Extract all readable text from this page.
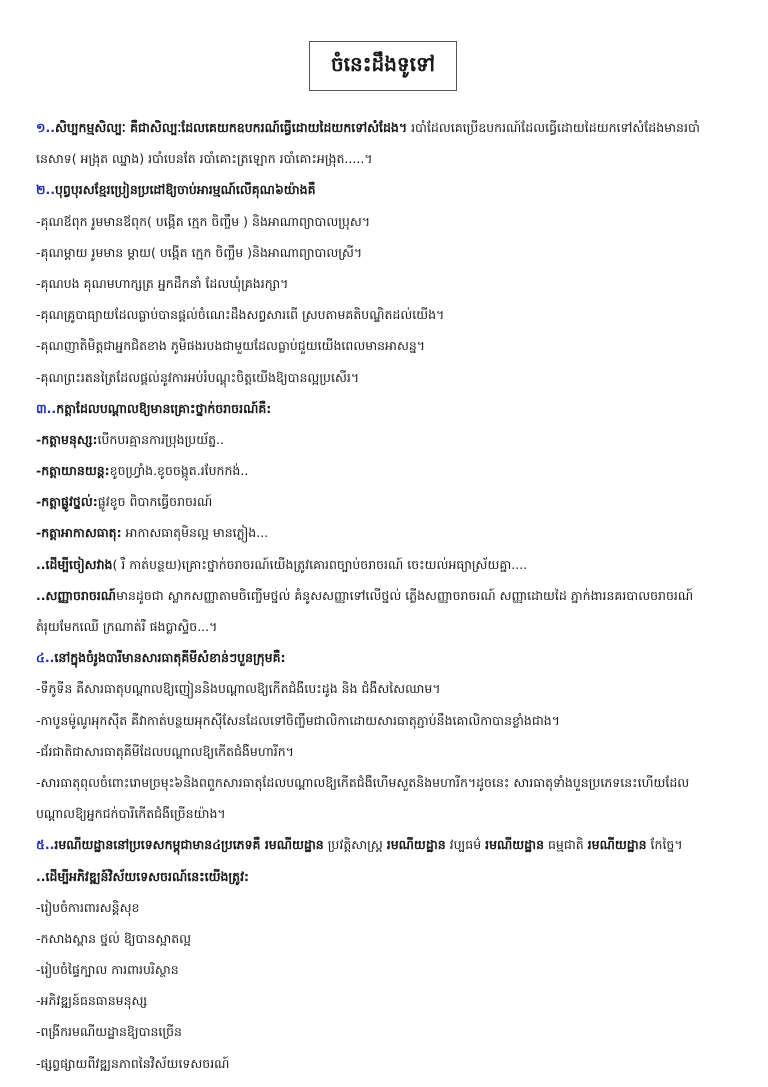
ចំនេះដឹងទូទៅ
១..សិប្បកម្មសិល្បៈ គឺជាសិល្បៈដែលគេយកឧបករណ៍ធ្វើដោយដៃយកទៅសំដែង។ របាំដែលគេប្រើឧបករណ៍ដែលធ្វើដោយដៃយកទៅសំដែងមានរបាំ
នេសាទ( អង្រុត ឈ្នាង) របាំបេនតែ របាំគោះត្រឡោក របាំគោះអង្រុត.....។
២..បុព្វបុរសខ្មែរប្រៀនប្រដៅឱ្យចាប់អារម្មណ៍លើគុណ៦យ៉ាងគឺ
-គុណឪពុក រូមមានឪពុក( បង្កើត ក្មេក ចិញ្ចឹម ) និងអាណាព្យាបាលប្រុស។
-គុណម្ដាយ រូមមាន ម្ដាយ( បង្កើត ក្មេក ចិញ្ចឹម )និងអាណាព្យាបាលស្រី។
-គុណបង គុណមហាក្សត្រ អ្នកដឹកនាំ ដែលឃុំគ្រងរក្សា។
-គុណគ្រូបាធ្យាយដែលធ្លាប់បានផ្ដល់ចំណេះដឹងសព្វសារពើ ស្របតាមគតិបណ្ឌិតដល់យើង។
-គុណញាតិមិត្តជាអ្នកជិតខាង ភូមិផងរបងជាមួយដែលធ្លាប់ជួយយើងពេលមានអាសន្ន។
-គុណព្រះរតនត្រៃដែលផ្ដល់នូវការអប់រំបណ្ដុះចិត្តយើងឱ្យបានល្អប្រសើរ។
៣..កត្តាដែលបណ្ដាលឱ្យមានគ្រោះថ្នាក់ចរាចរណ៍គឺ:
-កត្តាមនុស្ស:បើកបរគ្មានការប្រុងប្រយ័ត្ន..
-កត្តាយានយន្ត:ខូចហ្វ្រាំង.ខូចចង្កូត.របែកកង់..
-កត្តាផ្លូវថ្នល់:ផ្លូវខូច ពិបាកធ្វើចរាចរណ៍
-កត្តាអាកាសធាតុ: អាកាសធាតុមិនល្អ មានភ្លៀង...
..ដើម្បីចៀសវាង( រឺ កាត់បន្ថយ)គ្រោះថ្នាក់ចរាចរណ៍យើងត្រូវគោរពច្បាប់ចរាចរណ៍ ចេះយល់អធ្យាស្រ័យគ្នា....
..សញ្ញាចរាចរណ៍មានដូចជា ស្លាកសញ្ញាតាមចិញ្ចើមថ្នល់ គំនូសសញ្ញាទៅលើថ្នល់ ភ្លើងសញ្ញាចរាចរណ៍ សញ្ញាដោយដៃ ភ្នាក់ងារនគរបាលចរាចរណ៍
តំរុយមែកឈើ ក្រណាត់រឺ ផងប្លាស្ទិច...។
៤..នៅក្នុងចំរូងបារីមានសារធាតុគីមីសំខាន់ៗបួនក្រុមគឺ:
-ទឹកូទីន គឺសារធាតុបណ្ដាលឱ្យញៀននិងបណ្ដាលឱ្យកើតជំងឺបេះដូង និង ជំងឺសសៃឈាម។
-កាបូនម៉ូណូអុកស៊ីត គឺវាកាត់បន្ថយអុកស៊ីសែនដែលទៅចិញ្ចឹមជាលិកាដោយសារធាតុភ្ជាប់នឹងគោលិកាបានខ្លាំងជាង។
-ជ័រជាតិជាសារធាតុគីមីដែលបណ្ដាលឱ្យកើតជំងឺមហារីក។
-សារធាតុពុលចំពោះរោមច្រមុះ៦និងពពួកសារធាតុដែលបណ្ដាលឱ្យកើតជំងឺហើមសួតនិងមហារីក។ដូចនេះ សារធាតុទាំងបួនប្រភេទនេះហើយដែល
បណ្ដាលឱ្យអ្នកជក់បារីកើតជំងឺច្រើនយ៉ាង។
៥..រមណីយដ្ឋាននៅប្រទេសកម្ពុជាមាន៤ប្រភេទគឺ រមណីយដ្ឋាន ប្រវត្តិសាស្ត្រ រមណីយដ្ឋាន វប្បធម៌ រមណីយដ្ឋាន ធម្មជាតិ រមណីយដ្ឋាន កែច្នៃ។
..ដើម្បីអភិវឌ្ឍន៍វិស័យទេសចរណ៍នេះយើងត្រូវ:
-រៀបចំការពារសន្តិសុខ
-កសាងស្ពាន ថ្នល់ ឱ្យបានស្អាតល្អ
-រៀបចំផ្ទៃក្បាល ការពារបរិស្ថាន
-អភិវឌ្ឍន៍ធនធានមនុស្ស
-ពង្រីករមណីយដ្ឋានឱ្យបានច្រើន
-ផ្សព្វផ្សាយពីវឌ្ឍនភាពនៃវិស័យទេសចរណ៍
